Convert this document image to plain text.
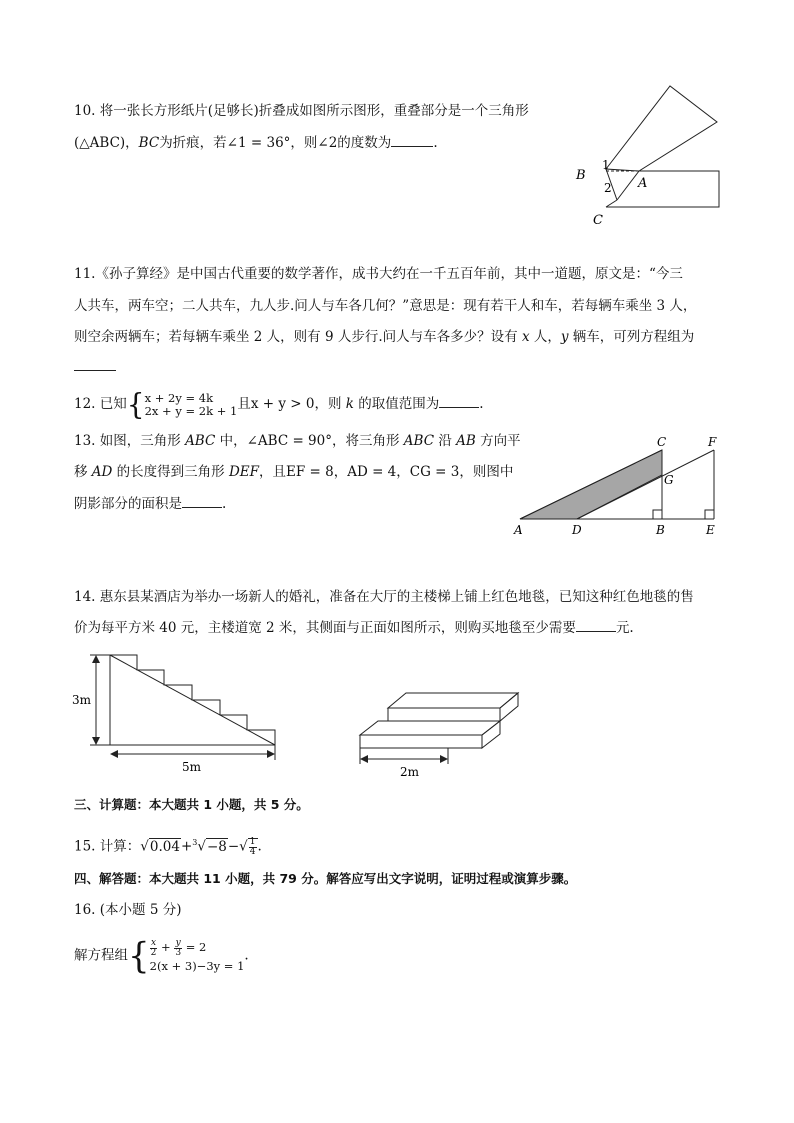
10. 将一张长方形纸片(足够长)折叠成如图所示图形，重叠部分是一个三角形
(△ABC)，BC为折痕，若∠1 = 36°，则∠2的度数为	.
B
A
C
1
2
11.《孙子算经》是中国古代重要的数学著作，成书大约在一千五百年前，其中一道题，原文是：“今三
人共车，两车空；二人共车，九人步.问人与车各几何？”意思是：现有若干人和车，若每辆车乘坐 3 人，
则空余两辆车；若每辆车乘坐 2 人，则有 9 人步行.问人与车各多少？设有 x 人，y 辆车，可列方程组为
12. 已知{ x + 2y = 4k
2x + y = 2k + 1 且x + y > 0，则 k 的取值范围为	.
13. 如图，三角形 ABC 中，∠ABC = 90°，将三角形 ABC 沿 AB 方向平
移 AD 的长度得到三角形 DEF，且EF = 8，AD = 4，CG = 3，则图中
阴影部分的面积是	.
A	D	B	E
C	F
G
14. 惠东县某酒店为举办一场新人的婚礼，准备在大厅的主楼梯上铺上红色地毯，已知这种红色地毯的售
价为每平方米 40 元，主楼道宽 2 米，其侧面与正面如图所示，则购买地毯至少需要	元.
3m
5m	2m
三、计算题：本大题共 1 小题，共 5 分。
15. 计算：$√0.04+^3√-8-√ \frac{1}{4}$ .
四、解答题：本大题共 11 小题，共 79 分。解答应写出文字说明，证明过程或演算步骤。
16. (本小题 5 分)
解方程组{ $\frac{x}{2} + \frac{y}{3} = 2$
2(x + 3)−3y = 1
.
